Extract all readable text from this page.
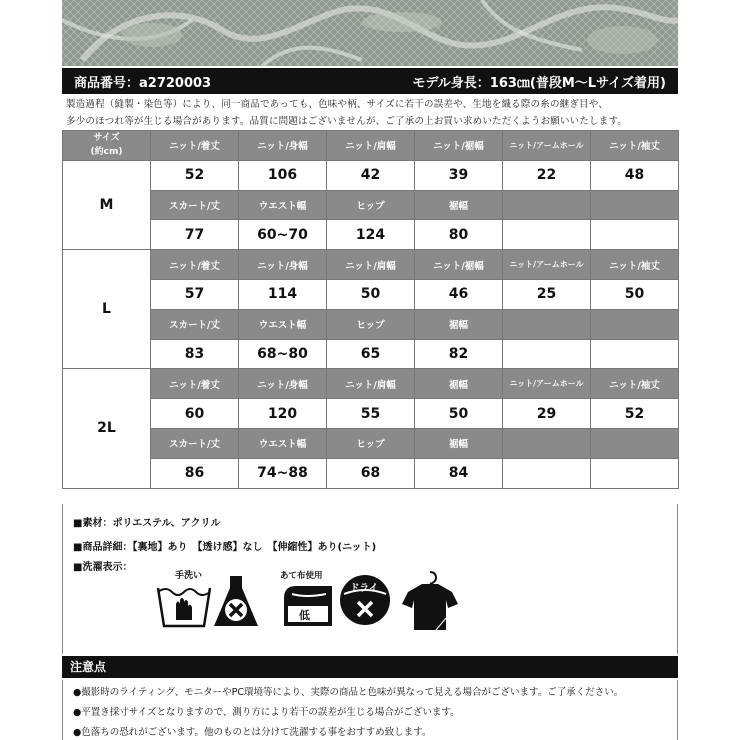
商品番号：a2720003	モデル身長：163㎝(普段M～Lサイズ着用)
製造過程（縫製・染色等）により、同一商品であっても、色味や柄、サイズに若干の誤差や、生地を織る際の糸の継ぎ目や、
多少のほつれ等が生じる場合があります。品質に問題はございませんが、ご了承の上お買い求めいただくようお願いいたします。
サイズ
(約cm)	ニット/着丈	ニット/身幅	ニット/肩幅	ニット/裾幅	ニット/アームホール	ニット/袖丈
M	52	106	42	39	22	48
	スカート/丈	ウエスト幅	ヒップ	裾幅		
	77	60~70	124	80		
L	ニット/着丈	ニット/身幅	ニット/肩幅	ニット/裾幅	ニット/アームホール	ニット/袖丈
	57	114	50	46	25	50
	スカート/丈	ウエスト幅	ヒップ	裾幅		
	83	68~80	65	82		
2L	ニット/着丈	ニット/身幅	ニット/肩幅	裾幅	ニット/アームホール	ニット/袖丈
	60	120	55	50	29	52
	スカート/丈	ウエスト幅	ヒップ	裾幅		
	86	74~88	68	84		
■素材：ポリエステル、アクリル
■商品詳細：【裏地】あり　【透け感】なし　【伸縮性】あり(ニット)
■洗濯表示：
手洗い	あて布使用
低
ドライ
注意点
●撮影時のライティング、モニターやPC環境等により、実際の商品と色味が異なって見える場合がございます。ご了承ください。
●平置き採寸サイズとなりますので、測り方により若干の誤差が生じる場合がございます。
●色落ちの恐れがございます。他のものとは分けて洗濯する事をおすすめ致します。
